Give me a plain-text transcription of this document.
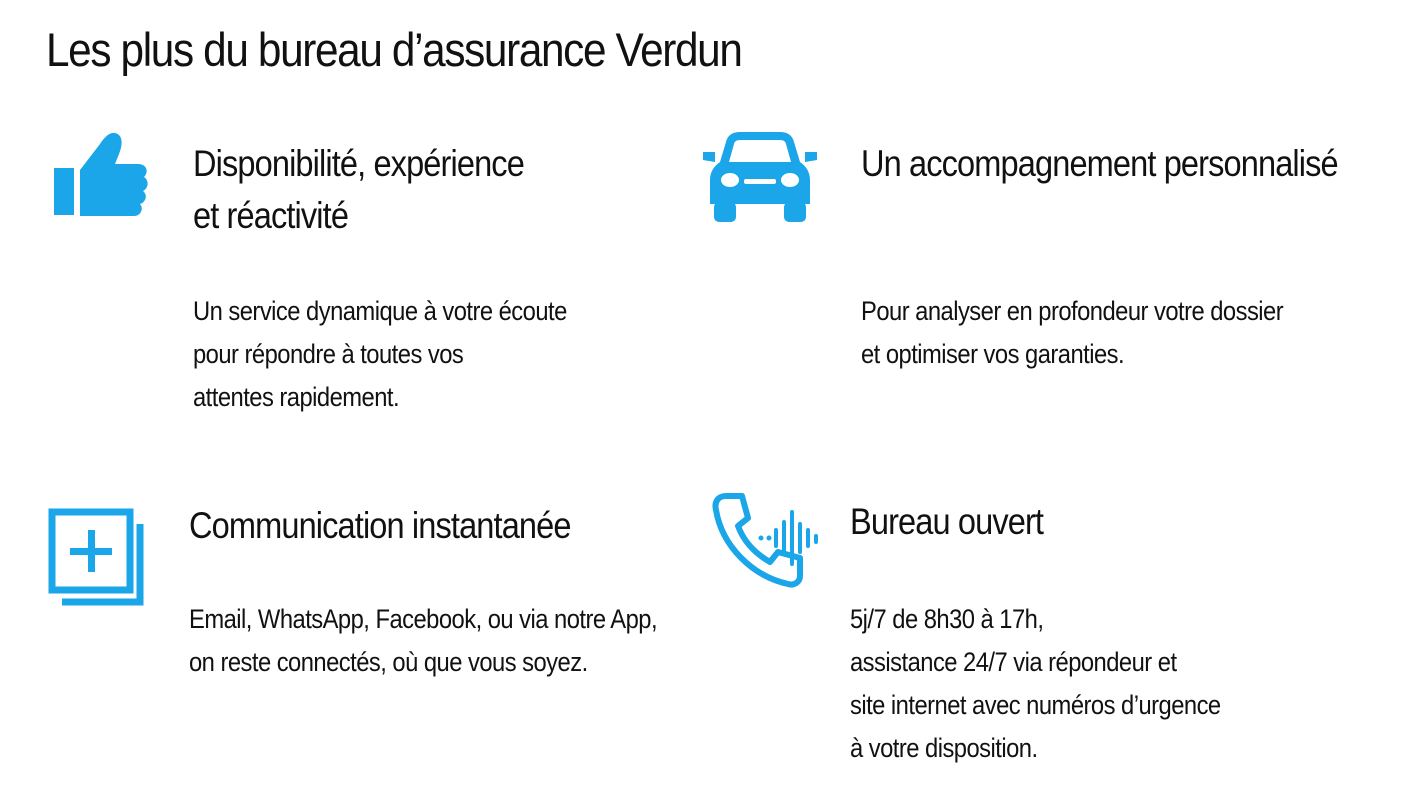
Les plus du bureau d’assurance Verdun
Disponibilité, expérience
et réactivité

Un service dynamique à votre écoute
pour répondre à toutes vos
attentes rapidement.

Un accompagnement personnalisé

Pour analyser en profondeur votre dossier
et optimiser vos garanties.

Communication instantanée

Email, WhatsApp, Facebook, ou via notre App,
on reste connectés, où que vous soyez.

Bureau ouvert

5j/7 de 8h30 à 17h,
assistance 24/7 via répondeur et
site internet avec numéros d’urgence
à votre disposition.
